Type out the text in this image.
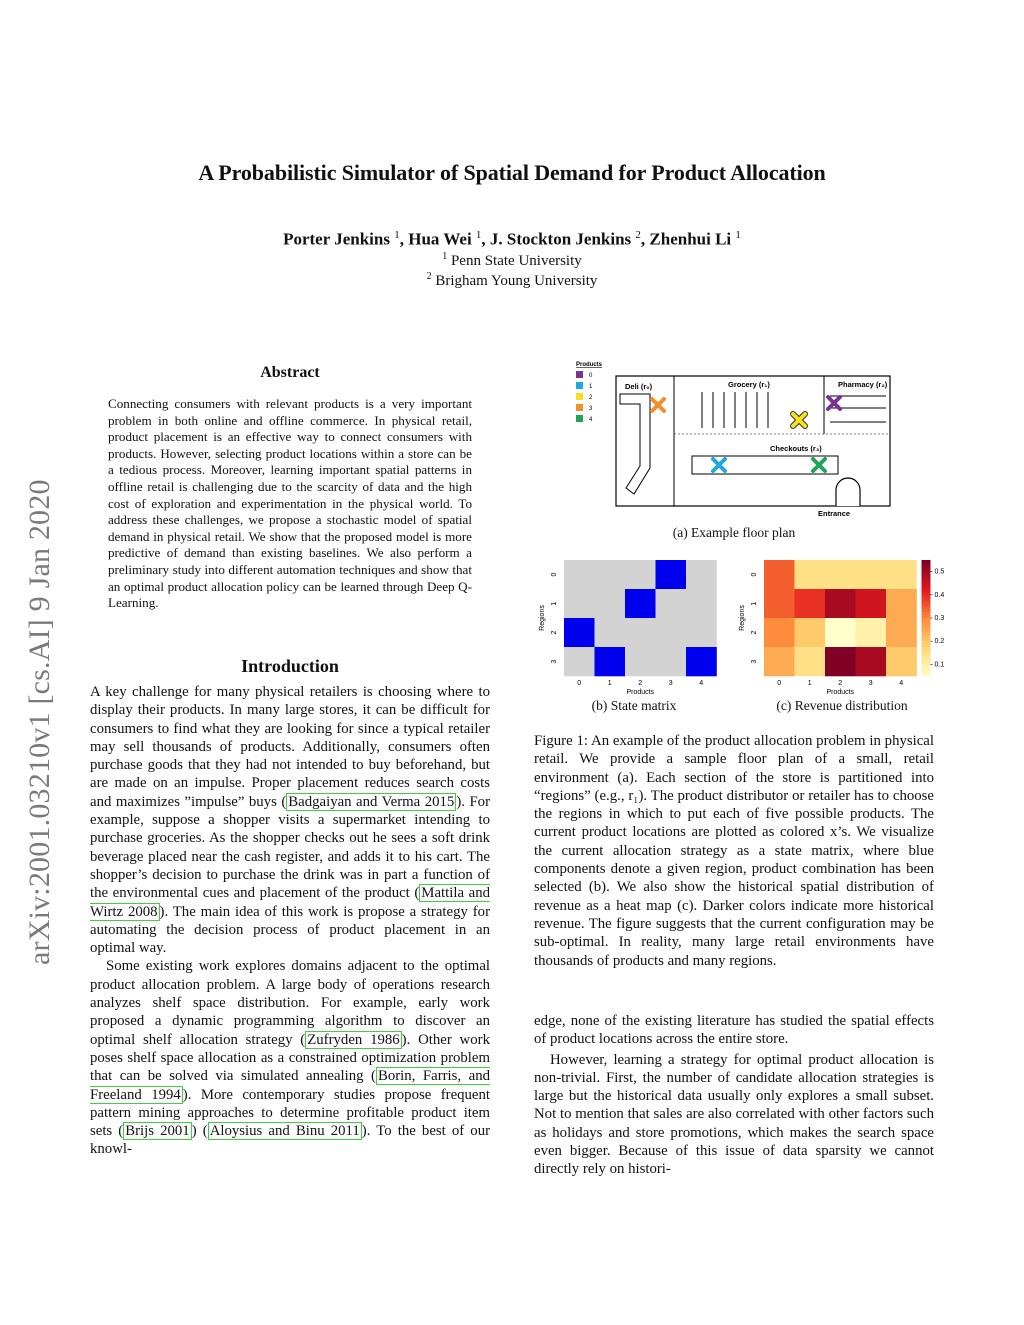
A Probabilistic Simulator of Spatial Demand for Product Allocation
Porter Jenkins $^1$, Hua Wei $^1$, J. Stockton Jenkins $^2$, Zhenhui Li $^1$
$^1$ Penn State University
$^2$ Brigham Young University
arXiv:2001.03210v1 [cs.AI] 9 Jan 2020
Abstract
Connecting consumers with relevant products is a very important problem in both online and offline commerce. In physical retail, product placement is an effective way to connect consumers with products. However, selecting product locations within a store can be a tedious process. Moreover, learning important spatial patterns in offline retail is challenging due to the scarcity of data and the high cost of exploration and experimentation in the physical world. To address these challenges, we propose a stochastic model of spatial demand in physical retail. We show that the proposed model is more predictive of demand than existing baselines. We also perform a preliminary study into different automation techniques and show that an optimal product allocation policy can be learned through Deep Q-Learning.
Introduction

A key challenge for many physical retailers is choosing where to display their products. In many large stores, it can be difficult for consumers to find what they are looking for since a typical retailer may sell thousands of products. Additionally, consumers often purchase goods that they had not intended to buy beforehand, but are made on an impulse. Proper placement reduces search costs and maximizes ”impulse” buys ( Badgaiyan and Verma 2015 ). For example, suppose a shopper visits a supermarket intending to purchase groceries. As the shopper checks out he sees a soft drink beverage placed near the cash register, and adds it to his cart. The shopper’s decision to purchase the drink was in part a function of the environmental cues and placement of the product ( Mattila and Wirtz 2008 ). The main idea of this work is propose a strategy for automating the decision process of product placement in an optimal way.

Some existing work explores domains adjacent to the optimal product allocation problem. A large body of operations research analyzes shelf space distribution. For example, early work proposed a dynamic programming algorithm to discover an optimal shelf allocation strategy ( Zufryden 1986 ). Other work poses shelf space allocation as a constrained optimization problem that can be solved via simulated annealing ( Borin, Farris, and Freeland 1994 ). More contemporary studies propose frequent pattern mining approaches to determine profitable product item sets ( Brijs 2001 ) ( Aloysius and Binu 2011 ). To the best of our knowl-

Products
0
1
2
3
4
Deli (r₀)	Grocery (r₁)	Pharmacy (r₂)
Checkouts (r₃)
Entrance
(a) Example floor plan
0	1	2	3	4
0
1
2
3
Products
Regions
(b) State matrix
0	1	2	3	4
0
1
2
3
Products
Regions
0.5
0.4
0.3
0.2
0.1
(c) Revenue distribution
Figure 1: An example of the product allocation problem in physical retail. We provide a sample floor plan of a small, retail environment (a). Each section of the store is partitioned into “regions” (e.g., r₁). The product distributor or retailer has to choose the regions in which to put each of five possible products. The current product locations are plotted as colored x’s. We visualize the current allocation strategy as a state matrix, where blue components denote a given region, product combination has been selected (b). We also show the historical spatial distribution of revenue as a heat map (c). Darker colors indicate more historical revenue. The figure suggests that the current configuration may be sub-optimal. In reality, many large retail environments have thousands of products and many regions.

edge, none of the existing literature has studied the spatial effects of product locations across the entire store.

However, learning a strategy for optimal product allocation is non-trivial. First, the number of candidate allocation strategies is large but the historical data usually only explores a small subset. Not to mention that sales are also correlated with other factors such as holidays and store promotions, which makes the search space even bigger. Because of this issue of data sparsity we cannot directly rely on histori-
